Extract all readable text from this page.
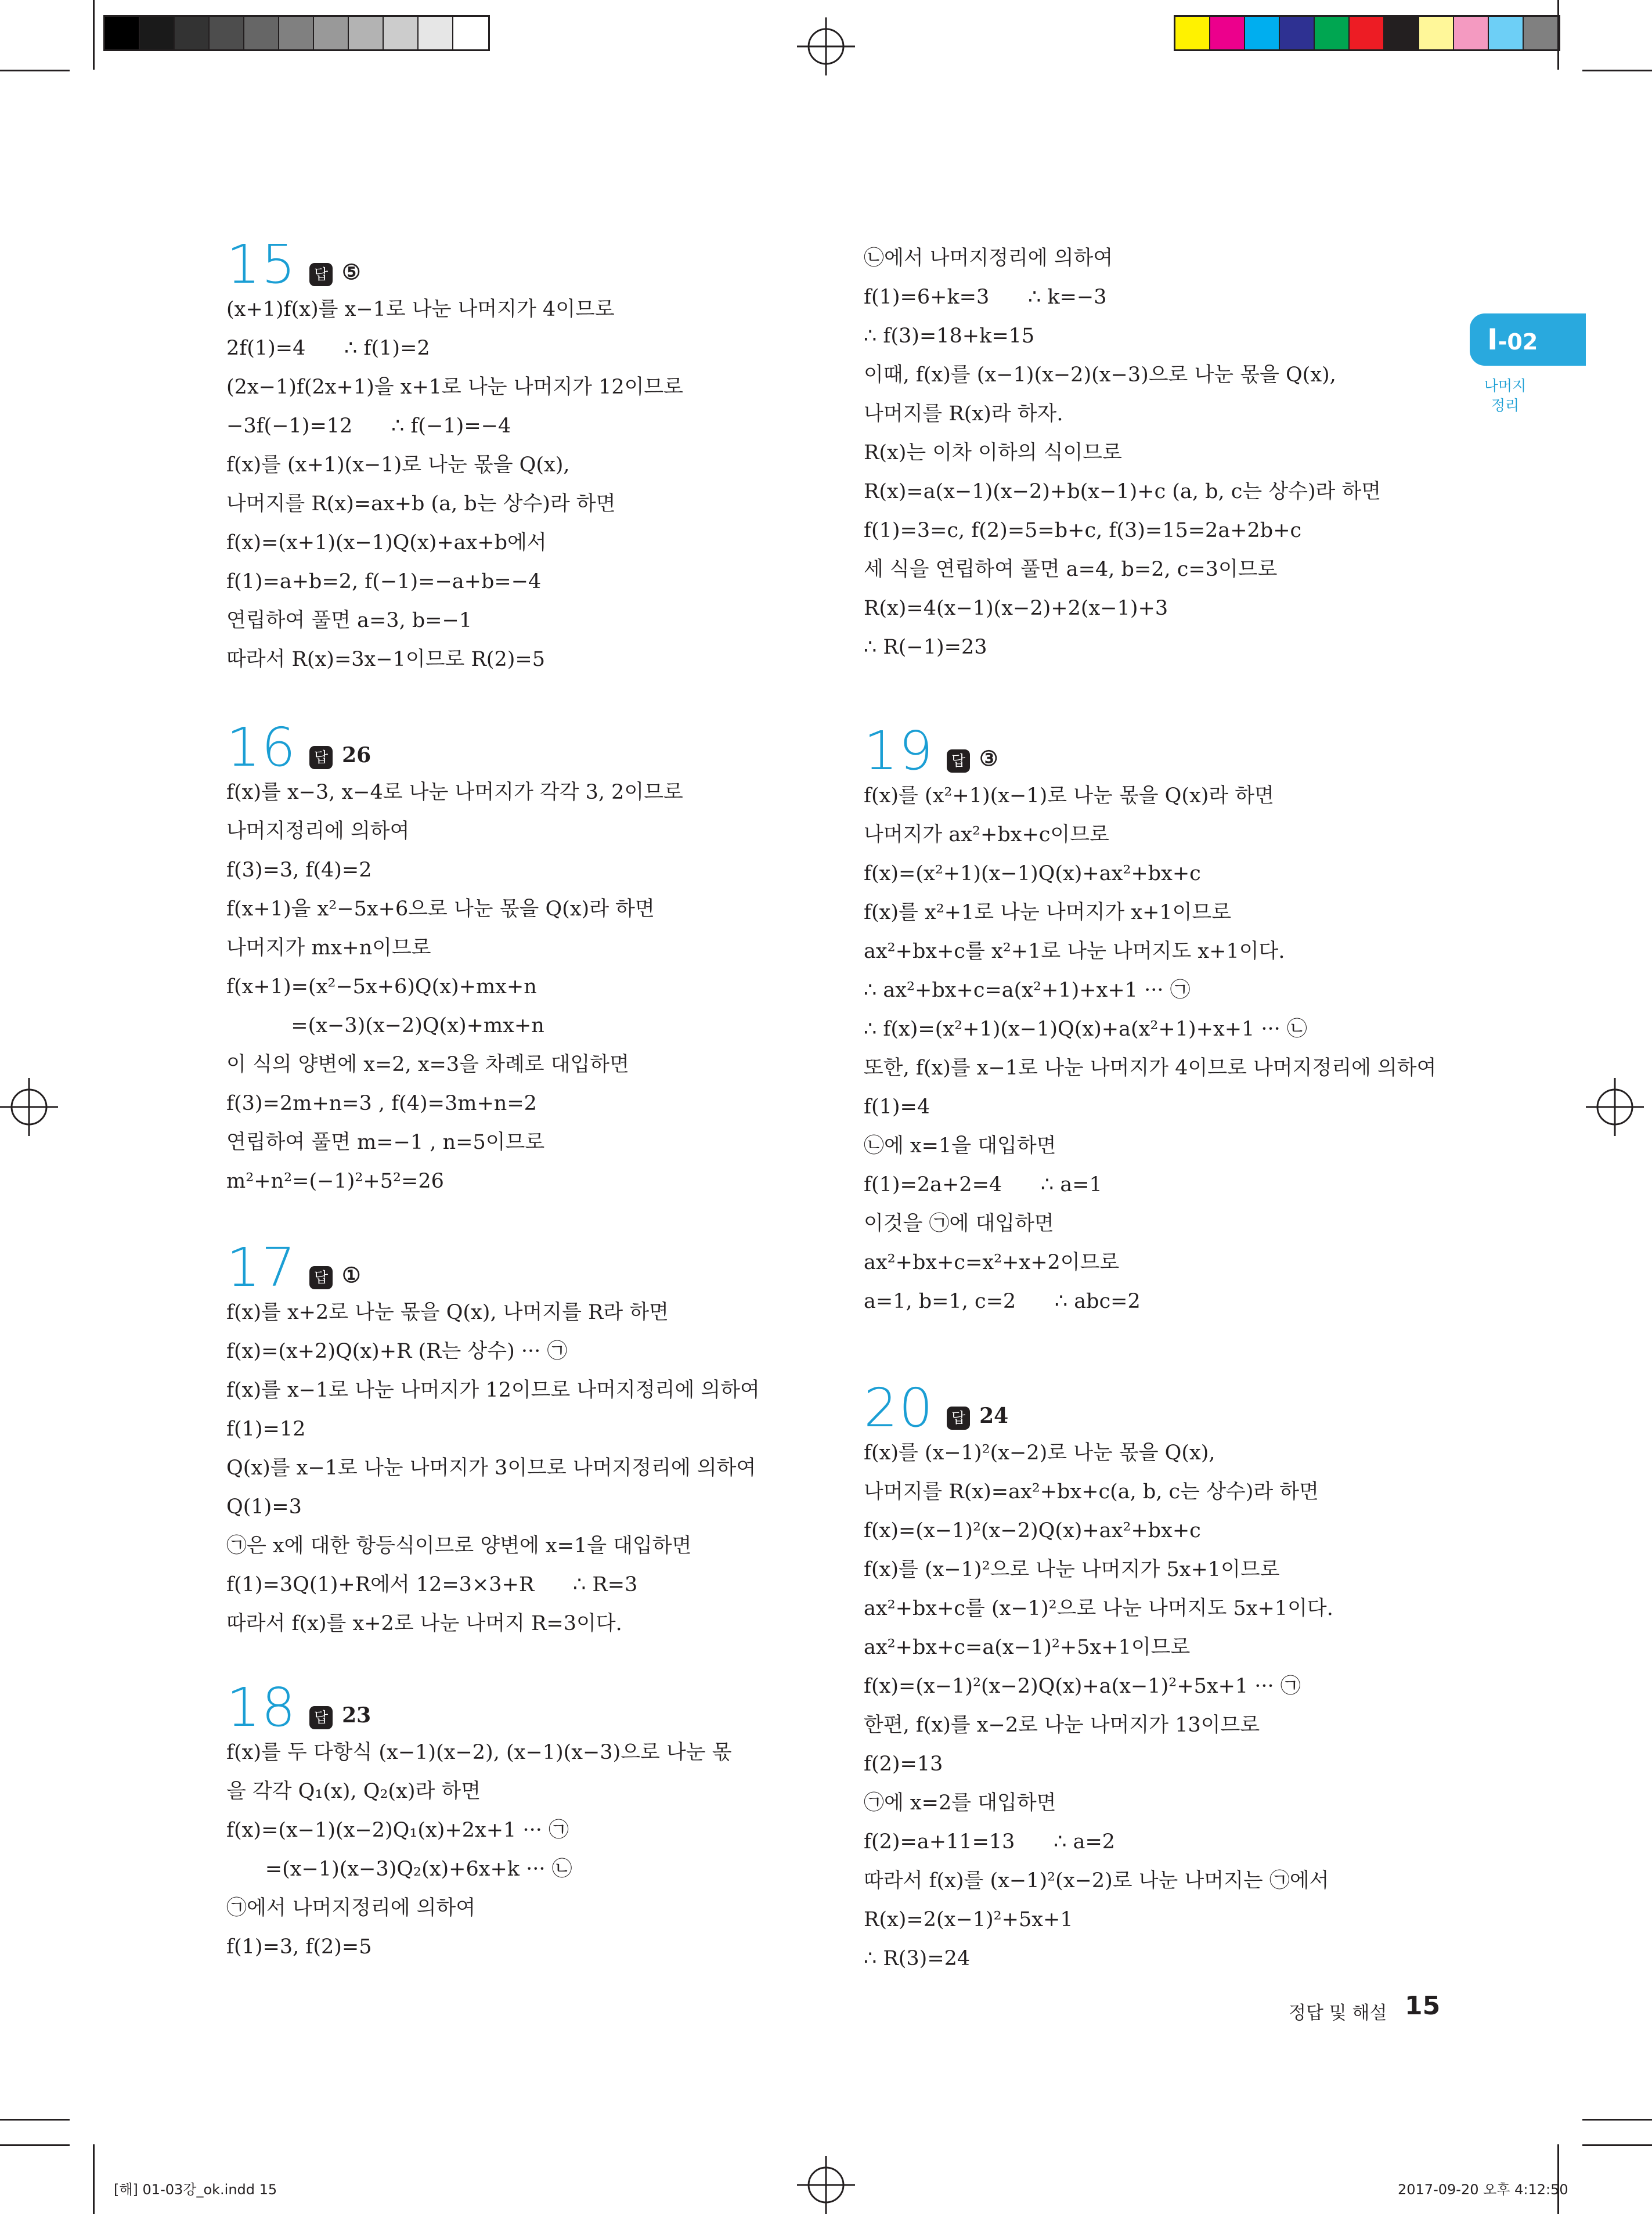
I-02
나머지
정리
15	답 ⑤
(x+1)f(x)를 x−1로 나눈 나머지가 4이므로
2f(1)=4      ∴ f(1)=2
(2x−1)f(2x+1)을 x+1로 나눈 나머지가 12이므로
−3f(−1)=12      ∴ f(−1)=−4
f(x)를 (x+1)(x−1)로 나눈 몫을 Q(x),
나머지를 R(x)=ax+b (a, b는 상수)라 하면
f(x)=(x+1)(x−1)Q(x)+ax+b에서
f(1)=a+b=2, f(−1)=−a+b=−4
연립하여 풀면 a=3, b=−1
따라서 R(x)=3x−1이므로 R(2)=5
16	답 26
f(x)를 x−3, x−4로 나눈 나머지가 각각 3, 2이므로
나머지정리에 의하여
f(3)=3, f(4)=2
f(x+1)을 x²−5x+6으로 나눈 몫을 Q(x)라 하면
나머지가 mx+n이므로
f(x+1)=(x²−5x+6)Q(x)+mx+n
=(x−3)(x−2)Q(x)+mx+n
이 식의 양변에 x=2, x=3을 차례로 대입하면
f(3)=2m+n=3 , f(4)=3m+n=2
연립하여 풀면 m=−1 , n=5이므로
m²+n²=(−1)²+5²=26
17	답 ①
f(x)를 x+2로 나눈 몫을 Q(x), 나머지를 R라 하면
f(x)=(x+2)Q(x)+R (R는 상수) ··· ㉠
f(x)를 x−1로 나눈 나머지가 12이므로 나머지정리에 의하여
f(1)=12
Q(x)를 x−1로 나눈 나머지가 3이므로 나머지정리에 의하여
Q(1)=3
㉠은 x에 대한 항등식이므로 양변에 x=1을 대입하면
f(1)=3Q(1)+R에서 12=3×3+R      ∴ R=3
따라서 f(x)를 x+2로 나눈 나머지 R=3이다.
18	답 23
f(x)를 두 다항식 (x−1)(x−2), (x−1)(x−3)으로 나눈 몫
을 각각 Q₁(x), Q₂(x)라 하면
f(x)=(x−1)(x−2)Q₁(x)+2x+1 ··· ㉠
=(x−1)(x−3)Q₂(x)+6x+k ··· ㉡
㉠에서 나머지정리에 의하여
f(1)=3, f(2)=5
㉡에서 나머지정리에 의하여
f(1)=6+k=3      ∴ k=−3
∴ f(3)=18+k=15
이때, f(x)를 (x−1)(x−2)(x−3)으로 나눈 몫을 Q(x),
나머지를 R(x)라 하자.
R(x)는 이차 이하의 식이므로
R(x)=a(x−1)(x−2)+b(x−1)+c (a, b, c는 상수)라 하면
f(1)=3=c, f(2)=5=b+c, f(3)=15=2a+2b+c
세 식을 연립하여 풀면 a=4, b=2, c=3이므로
R(x)=4(x−1)(x−2)+2(x−1)+3
∴ R(−1)=23
19	답 ③
f(x)를 (x²+1)(x−1)로 나눈 몫을 Q(x)라 하면
나머지가 ax²+bx+c이므로
f(x)=(x²+1)(x−1)Q(x)+ax²+bx+c
f(x)를 x²+1로 나눈 나머지가 x+1이므로
ax²+bx+c를 x²+1로 나눈 나머지도 x+1이다.
∴ ax²+bx+c=a(x²+1)+x+1 ··· ㉠
∴ f(x)=(x²+1)(x−1)Q(x)+a(x²+1)+x+1 ··· ㉡
또한, f(x)를 x−1로 나눈 나머지가 4이므로 나머지정리에 의하여
f(1)=4
㉡에 x=1을 대입하면
f(1)=2a+2=4      ∴ a=1
이것을 ㉠에 대입하면
ax²+bx+c=x²+x+2이므로
a=1, b=1, c=2      ∴ abc=2
20	답 24
f(x)를 (x−1)²(x−2)로 나눈 몫을 Q(x),
나머지를 R(x)=ax²+bx+c(a, b, c는 상수)라 하면
f(x)=(x−1)²(x−2)Q(x)+ax²+bx+c
f(x)를 (x−1)²으로 나눈 나머지가 5x+1이므로
ax²+bx+c를 (x−1)²으로 나눈 나머지도 5x+1이다.
ax²+bx+c=a(x−1)²+5x+1이므로
f(x)=(x−1)²(x−2)Q(x)+a(x−1)²+5x+1 ··· ㉠
한편, f(x)를 x−2로 나눈 나머지가 13이므로
f(2)=13
㉠에 x=2를 대입하면
f(2)=a+11=13      ∴ a=2
따라서 f(x)를 (x−1)²(x−2)로 나눈 나머지는 ㉠에서
R(x)=2(x−1)²+5x+1
∴ R(3)=24
정답 및 해설 15
[해] 01-03강_ok.indd 15	2017-09-20 오후 4:12:50
